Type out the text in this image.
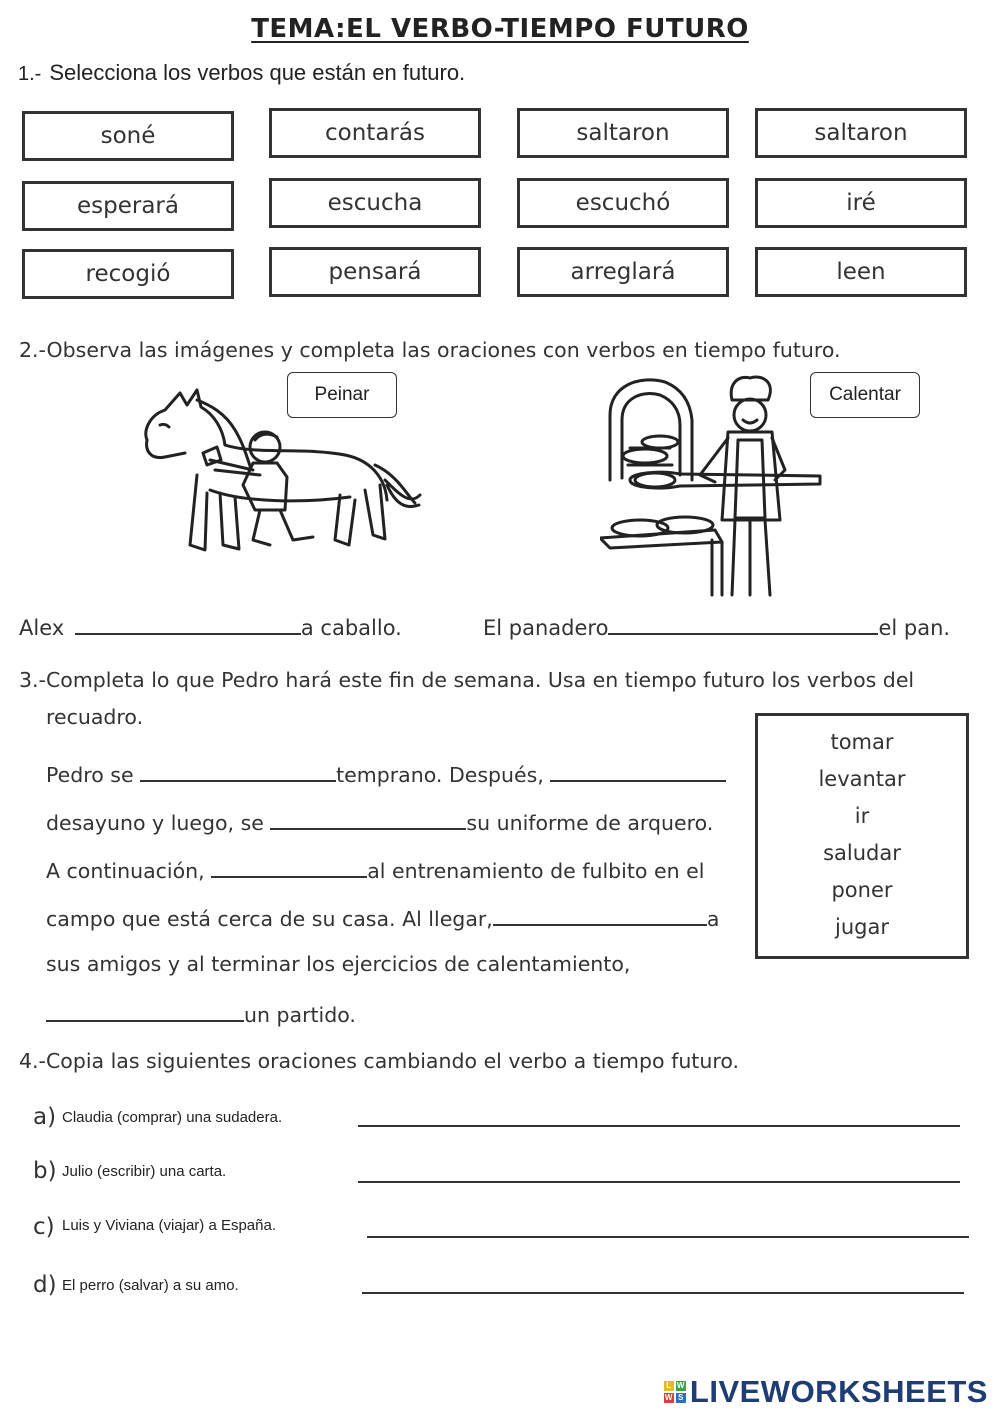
TEMA:EL VERBO-TIEMPO FUTURO
1.- Selecciona los verbos que están en futuro.
soné	contarás	saltaron	saltaron
esperará	escucha	escuchó	iré
recogió	pensará	arreglará	leen
2.-Observa las imágenes y completa las oraciones con verbos en tiempo futuro.
Peinar	Calentar
Alex	a caballo.	El panadero	el pan.
3.-Completa lo que Pedro hará este fin de semana. Usa en tiempo futuro los verbos del
recuadro.
Pedro se	temprano. Después,
desayuno y luego, se	su uniforme de arquero.
A continuación,	al entrenamiento de fulbito en el
campo que está cerca de su casa. Al llegar,	a
sus amigos y al terminar los ejercicios de calentamiento,
un partido.
tomar
levantar
ir
saludar
poner
jugar
4.-Copia las siguientes oraciones cambiando el verbo a tiempo futuro.
a) Claudia (comprar) una sudadera.
b) Julio (escribir) una carta.
c) Luis y Viviana (viajar) a España.
d) El perro (salvar) a su amo.
L W
W S LIVEWORKSHEETS
